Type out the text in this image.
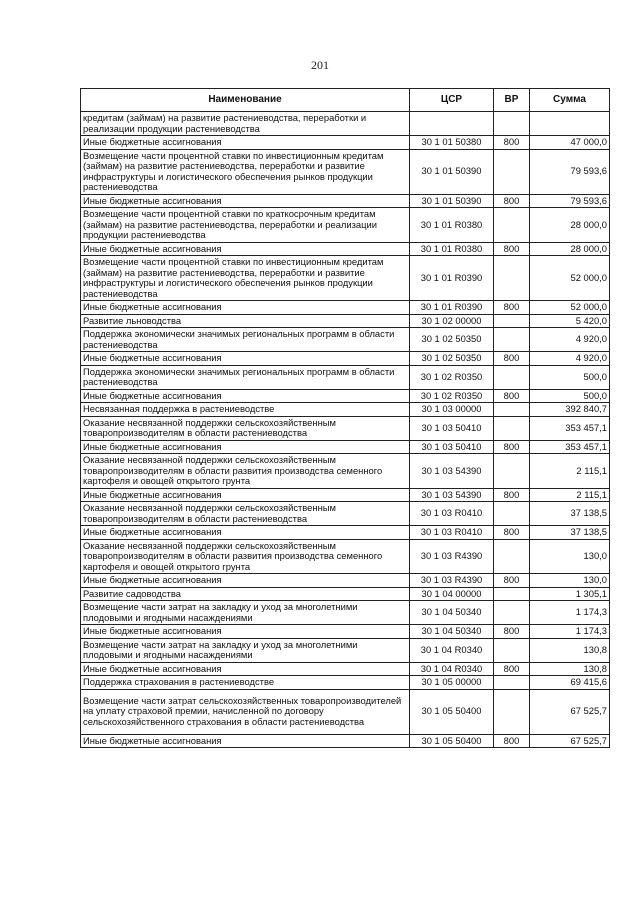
201
Наименование	ЦСР	ВР	Сумма
кредитам (займам) на развитие растениеводства, переработки и реализации продукции растениеводства			
Иные бюджетные ассигнования	30 1 01 50380	800	47 000,0
Возмещение части процентной ставки по инвестиционным кредитам (займам) на развитие растениеводства, переработки и развитие инфраструктуры и логистического обеспечения рынков продукции растениеводства	30 1 01 50390		79 593,6
Иные бюджетные ассигнования	30 1 01 50390	800	79 593,6
Возмещение части процентной ставки по краткосрочным кредитам (займам) на развитие растениеводства, переработки и реализации продукции растениеводства	30 1 01 R0380		28 000,0
Иные бюджетные ассигнования	30 1 01 R0380	800	28 000,0
Возмещение части процентной ставки по инвестиционным кредитам (займам) на развитие растениеводства, переработки и развитие инфраструктуры и логистического обеспечения рынков продукции растениеводства	30 1 01 R0390		52 000,0
Иные бюджетные ассигнования	30 1 01 R0390	800	52 000,0
Развитие льноводства	30 1 02 00000		5 420,0
Поддержка экономически значимых региональных программ в области растениеводства	30 1 02 50350		4 920,0
Иные бюджетные ассигнования	30 1 02 50350	800	4 920,0
Поддержка экономически значимых региональных программ в области растениеводства	30 1 02 R0350		500,0
Иные бюджетные ассигнования	30 1 02 R0350	800	500,0
Несвязанная поддержка в растениеводстве	30 1 03 00000		392 840,7
Оказание несвязанной поддержки сельскохозяйственным товаропроизводителям в области растениеводства	30 1 03 50410		353 457,1
Иные бюджетные ассигнования	30 1 03 50410	800	353 457,1
Оказание несвязанной поддержки сельскохозяйственным товаропроизводителям в области развития производства семенного картофеля и овощей открытого грунта	30 1 03 54390		2 115,1
Иные бюджетные ассигнования	30 1 03 54390	800	2 115,1
Оказание несвязанной поддержки сельскохозяйственным товаропроизводителям в области растениеводства	30 1 03 R0410		37 138,5
Иные бюджетные ассигнования	30 1 03 R0410	800	37 138,5
Оказание несвязанной поддержки сельскохозяйственным товаропроизводителям в области развития производства семенного картофеля и овощей открытого грунта	30 1 03 R4390		130,0
Иные бюджетные ассигнования	30 1 03 R4390	800	130,0
Развитие садоводства	30 1 04 00000		1 305,1
Возмещение части затрат на закладку и уход за многолетними плодовыми и ягодными насаждениями	30 1 04 50340		1 174,3
Иные бюджетные ассигнования	30 1 04 50340	800	1 174,3
Возмещение части затрат на закладку и уход за многолетними плодовыми и ягодными насаждениями	30 1 04 R0340		130,8
Иные бюджетные ассигнования	30 1 04 R0340	800	130,8
Поддержка страхования в растениеводстве	30 1 05 00000		69 415,6
Возмещение части затрат сельскохозяйственных товаропроизводителей на уплату страховой премии, начисленной по договору сельскохозяйственного страхования в области растениеводства	30 1 05 50400		67 525,7
Иные бюджетные ассигнования	30 1 05 50400	800	67 525,7
